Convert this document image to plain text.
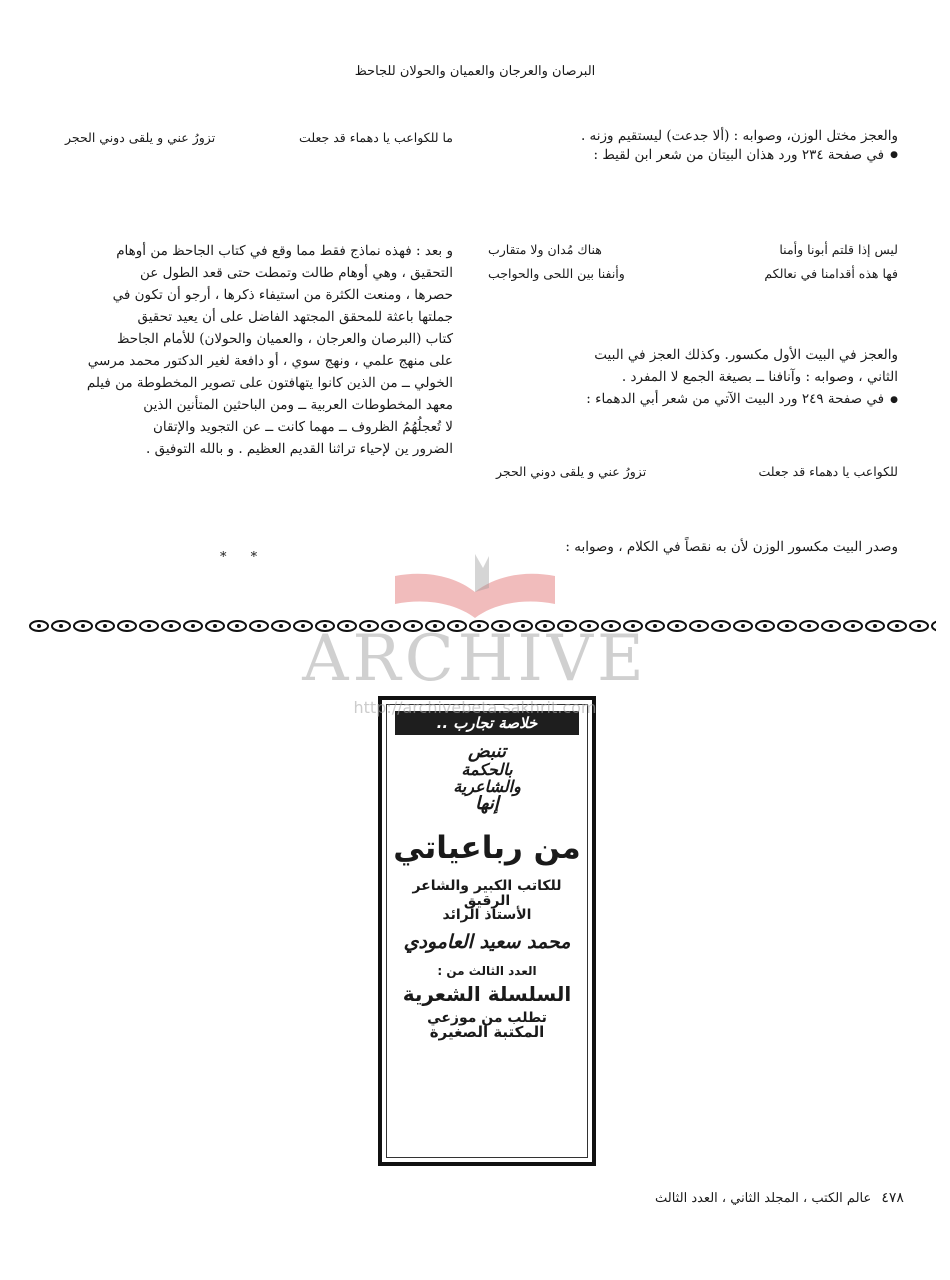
البرصان والعرجان والعميان والحولان للجاحظ
ما للكواعب يا دهماء قد جعلت
تزورُ عني و يلقى دوني الحجر	والعجز مختل الوزن، وصوابه : (ألا جدعت) ليستقيم وزنه .
● في صفحة ٢٣٤ ورد هذان البيتان من شعر ابن لقيط :
ليس إذا قلتم أبونا وأمنا
هناك مُدان ولا متقارب
فها هذه أقدامنا في نعالكم
وأنفنا بين اللحى والحواجب
والعجز في البيت الأول مكسور. وكذلك العجز في البيت
الثاني ، وصوابه : وآنافنا ــ بصيغة الجمع لا المفرد .
● في صفحة ٢٤٩ ورد البيت الآتي من شعر أبي الدهماء :
للكواعب يا دهماء قد جعلت
تزورُ عني و يلقى دوني الحجر
وصدر البيت مكسور الوزن لأن به نقصاً في الكلام ، وصوابه :
و بعد : فهذه نماذج فقط مما وقع في كتاب الجاحظ من أوهام
التحقيق ، وهي أوهام طالت وتمطت حتى قعد الطول عن
حصرها ، ومنعت الكثرة من استيفاء ذكرها ، أرجو أن تكون في
جملتها باعثة للمحقق المجتهد الفاضل على أن يعيد تحقيق
كتاب (البرصان والعرجان ، والعميان والحولان) للأمام الجاحظ
على منهج علمي ، ونهج سوي ، أو دافعة لغير الدكتور محمد مرسي
الخولي ــ من الذين كانوا يتهافتون على تصوير المخطوطة من فيلم
معهد المخطوطات العربية ــ ومن الباحثين المتأنين الذين
لا تُعجلُهُمُ الظروف ــ مهما كانت ــ عن التجويد والإتقان
الضرور ين لإحياء تراثنا القديم العظيم . و بالله التوفيق .
* *
ARCHIVE
خلاصة تجارب ..
تنبض
بالحكمة
والشاعرية
إنها
من رباعياتي
للكاتب الكبير والشاعر الرقيق
الأستاذ الرائد
محمد سعيد العامودي
العدد الثالث من :
السلسلة الشعرية
تطلب من موزعي
المكتبة الصغيرة
http://archivebeta.sakhrit.com
٤٧٨ عالم الكتب ، المجلد الثاني ، العدد الثالث
